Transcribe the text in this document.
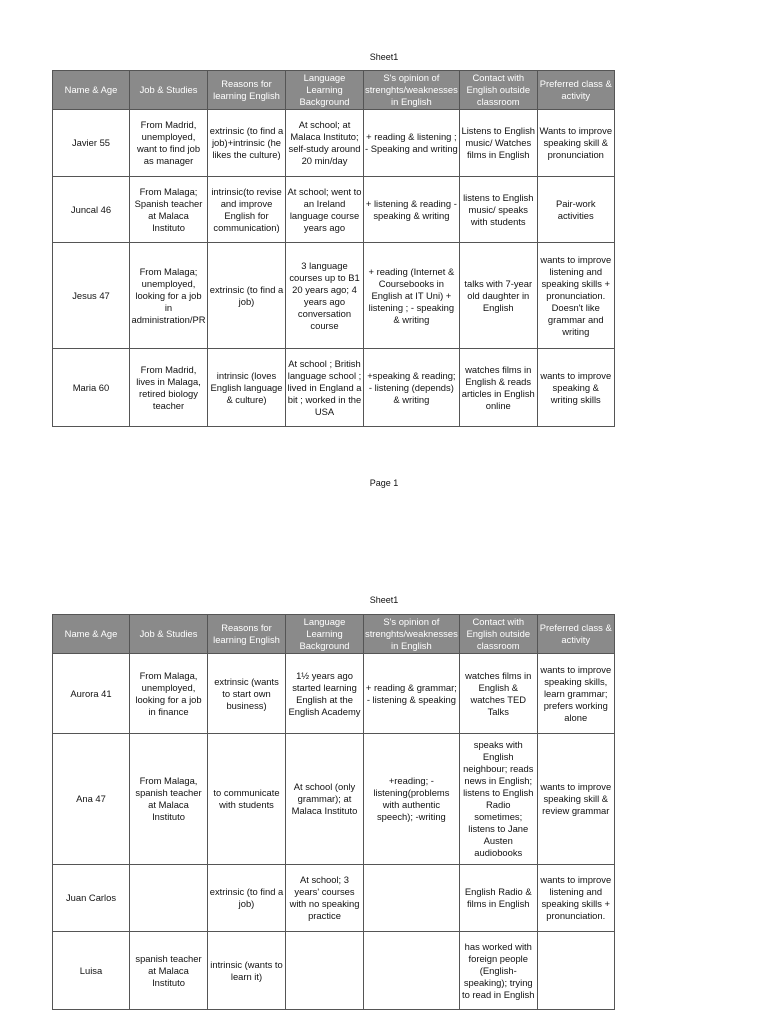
Sheet1
Name & Age	Job & Studies	Reasons for learning English	Language Learning Background	S's opinion of strenghts/weaknesses in English	Contact with English outside classroom	Preferred class & activity
Javier 55	From Madrid, unemployed, want to find job as manager	extrinsic (to find a job)+intrinsic (he likes the culture)	At school; at Malaca Instituto; self-study around 20 min/day	+ reading & listening ; - Speaking and writing	Listens to English music/ Watches films in English	Wants to improve speaking skill & pronunciation
Juncal 46	From Malaga; Spanish teacher at Malaca Instituto	intrinsic(to revise and improve English for communication)	At school; went to an Ireland language course years ago	+ listening & reading - speaking & writing	listens to English music/ speaks with students	Pair-work activities
Jesus 47	From Malaga; unemployed, looking for a job in administration/PR	extrinsic (to find a job)	3 language courses up to B1 20 years ago; 4 years ago conversation course	+ reading (Internet & Coursebooks in English at IT Uni) + listening ; - speaking & writing	talks with 7-year old daughter in English	wants to improve listening and speaking skills + pronunciation. Doesn't like grammar and writing
Maria 60	From Madrid, lives in Malaga, retired biology teacher	intrinsic (loves English language & culture)	At school ; British language school ; lived in England a bit ; worked in the USA	+speaking & reading; - listening (depends) & writing	watches films in English & reads articles in English online	wants to improve speaking & writing skills
Page 1
Sheet1
Name & Age	Job & Studies	Reasons for learning English	Language Learning Background	S's opinion of strenghts/weaknesses in English	Contact with English outside classroom	Preferred class & activity
Aurora 41	From Malaga, unemployed, looking for a job in finance	extrinsic (wants to start own business)	1½ years ago started learning English at the English Academy	+ reading & grammar; - listening & speaking	watches films in English & watches TED Talks	wants to improve speaking skills, learn grammar; prefers working alone
Ana 47	From Malaga, spanish teacher at Malaca Instituto	to communicate with students	At school (only grammar); at Malaca Instituto	+reading; -listening(problems with authentic speech); -writing	speaks with English neighbour; reads news in English; listens to English Radio sometimes; listens to Jane Austen audiobooks	wants to improve speaking skill & review grammar
Juan Carlos		extrinsic (to find a job)	At school; 3 years' courses with no speaking practice		English Radio & films in English	wants to improve listening and speaking skills + pronunciation.
Luisa	spanish teacher at Malaca Instituto	intrinsic (wants to learn it)			has worked with foreign people (English-speaking); trying to read in English	
